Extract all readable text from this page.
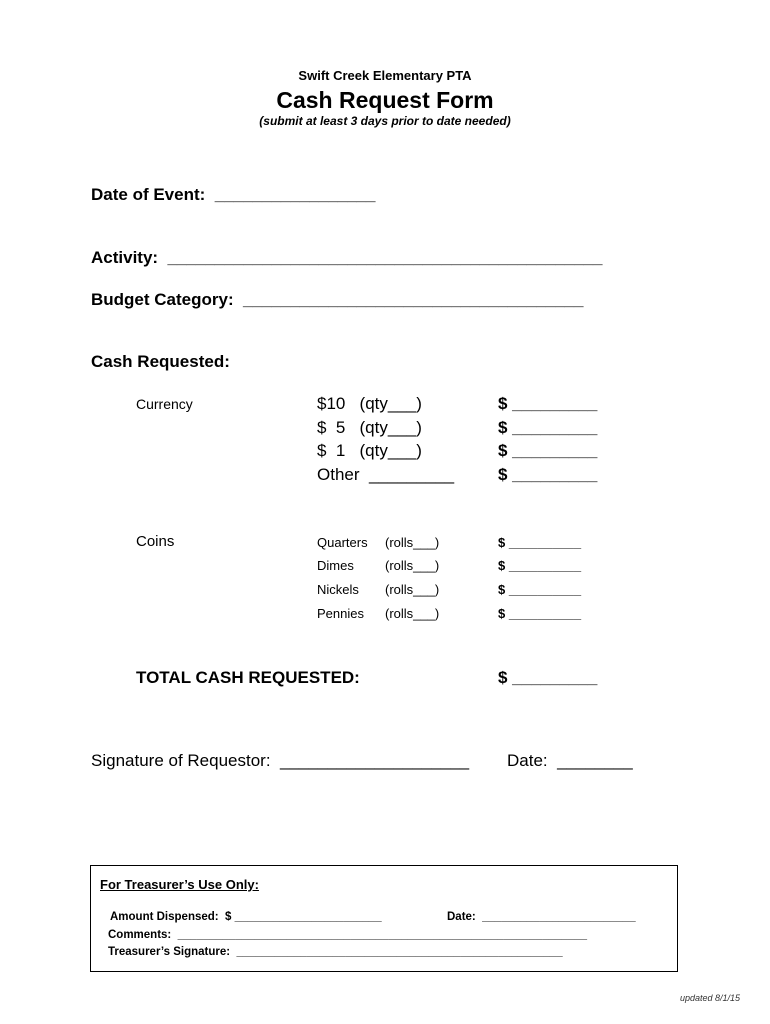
Swift Creek Elementary PTA
Cash Request Form
(submit at least 3 days prior to date needed)
Date of Event:  _________________
Activity:  ______________________________________________
Budget Category:  ____________________________________
Cash Requested:
Currency	$10   (qty___)	$ _________
$  5   (qty___)	$ _________
$  1   (qty___)	$ _________
Other  _________	$ _________
Coins	Quarters (rolls___)	$ __________
Dimes (rolls___)	$ __________
Nickels (rolls___)	$ __________
Pennies (rolls___)	$ __________
TOTAL CASH REQUESTED:	$ _________
Signature of Requestor:  ____________________ Date:  ________
For Treasurer’s Use Only:
Amount Dispensed:  $ _______________________	Date:  ________________________
Comments:  ________________________________________________________________
Treasurer’s Signature:  ___________________________________________________
updated 8/1/15
